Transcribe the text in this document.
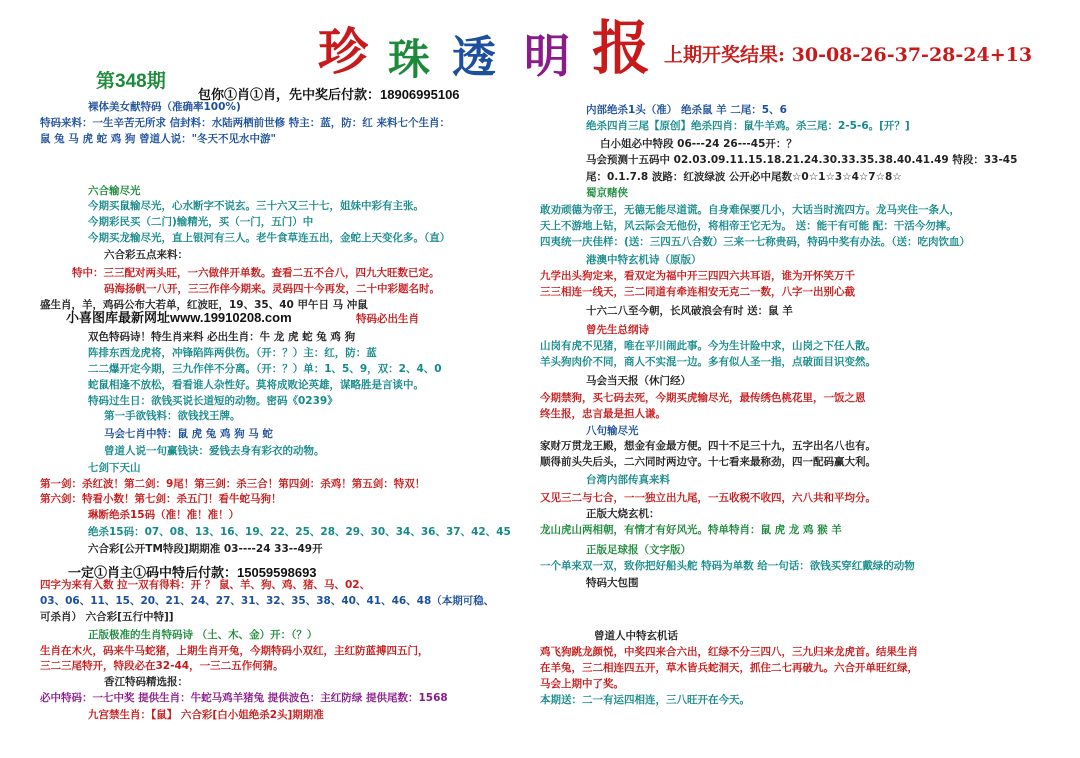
珍 珠 透 明 报 上期开奖结果: 30-08-26-37-28-24+13
第348期
包你①肖①肖，先中奖后付款：18906995106
小喜图库最新网址www.19910208.com
一定①肖主①码中特后付款：15059598693
裸体美女献特码（准确率100%)
特码来料：一生辛苦无所求 信封料：水陆两栖前世修 特主：蓝，防：红 来料七个生肖：
鼠 兔 马 虎 蛇 鸡 狗 曾道人说："冬天不见水中游"
六合输尽光
今期买鼠输尽光，心水断字不说玄。三十六又三十七，姐妹中彩有主张。
今期彩民买（二门)输精光，买（一门，五门）中
今期买龙输尽光，直上银河有三人。老牛食草连五出，金蛇上天变化多。（直）
六合彩五点来料：
特中：三三配对两头旺，一六做伴开单数。查看二五不合八，四九大旺数已定。
码海扬帆一八开，三三作伴今期来。灵码四十今再发，二十中彩题名时。
盛生肖，羊，鸡码公布大若单，红波旺，19、35、40 甲午日 马 冲鼠
特码必出生肖
双色特码诗！特生肖来料 必出生肖：牛 龙 虎 蛇 兔 鸡 狗
阵排东西龙虎将，冲锋陷阵两供伤。（开：？）主：红，防：蓝
二二爆开定今期，三九作伴不分离。（开：？）单：1、5、9，双：2、4、0
蛇鼠相逢不放松，看看谁人杂性好。莫将成败论英雄，谋略胜是言谈中。
特码过生日：欲钱买说长道短的动物。密码《0239》
第一手欲钱料：欲钱找王牌。
马会七肖中特：鼠 虎 兔 鸡 狗 马 蛇
曾道人说一句赢钱诀：爱钱去身有彩衣的动物。
七剑下天山
第一剑：杀红波！第二剑：9尾！第三剑：杀三合！第四剑：杀鸡！第五剑：特双！
第六剑：特看小数！第七剑：杀五门！看牛蛇马狗！
琳断绝杀15码（准！准！准！）
绝杀15码：07、08、13、16、19、22、25、28、29、30、34、36、37、42、45
六合彩[公开TM特段]期期准 03----24 33--49开
四字为来有入数 拉一双有得料：开 ？ 鼠、羊、狗、鸡、猪、马、02、
03、06、11、15、20、21、24、27、31、32、35、38、40、41、46、48（本期可稳、
可杀肖） 六合彩[五行中特]]
正版极准的生肖特码诗 （土、木、金）开：（？）
生肖在木火，码来牛马蛇猪，上期生肖开兔，今期特码小双红，主红防蓝搏四五门，
三二三尾特开，特段必在32-44，一三二五作何猜。
香江特码精选报：
必中特码：一七中奖 提供生肖：牛蛇马鸡羊猪兔 提供波色：主红防绿 提供尾数：1568
九宫禁生肖：【鼠】 六合彩[白小姐绝杀2头]期期准
内部绝杀1头（准） 绝杀鼠 羊 二尾：5、6
绝杀四肖三尾【原创】绝杀四肖：鼠牛羊鸡。杀三尾：2-5-6。[开？]
白小姐必中特段 06---24 26---45开：？
马会预测十五码中 02.03.09.11.15.18.21.24.30.33.35.38.40.41.49 特段：33-45
尾：0.1.7.8 波路：红波绿波 公开必中尾数☆0☆1☆3☆4☆7☆8☆
蜀京赌侠
敢劝顽德为帝王，无德无能尽道谎。自身难保要几小，大话当时流四方。龙马夹住一条人，
天上不游地上钻，风云际会无他份，将相帝王它无为。 送：能干有可能 配：干活今勿摔。
四夷统一庆佳样：(送：三四五八合数）三来一七称贵码，特码中奖有办法。（送：吃肉饮血）
港澳中特玄机诗（原版）
九学出头狗定来，看双定为福中开三四四六共耳语，谁为开怀笑万千
三三相连一线天，三二同道有牵连相安无克二一数，八字一出别心截
十六二八至今朝，长风破浪会有时 送：鼠 羊
曾先生总纲诗
山岗有虎不见猪，唯在平川闹此事。今为生计险中求，山岗之下任人散。
羊头狗肉价不同，商人不实混一边。多有似人圣一指，点破面目识变然。
马会当天报（休门经）
今期禁狗，买七码去死，今期买虎输尽光，最传绣色桃花里，一饭之恩
终生报，忠言最是担人谦。
八句输尽光
家财万贯龙王殿，想金有金最方便。四十不足三十九，五字出名八也有。
顺得前头失后头，二六同时两边守。十七看来最称劲，四一配码赢大利。
台湾内部传真来料
又见三二与七合，一一独立出九尾，一五收税不收四，六八共和平均分。
正版大烧玄机：
龙山虎山两相朝，有情才有好风光。特单特肖：鼠 虎 龙 鸡 猴 羊
正版足球报（文字版）
一个单来双一双，致你把好船头舵 特码为单数 给一句话：欲钱买穿红戴绿的动物
特码大包围
曾道人中特玄机话
鸡飞狗跳龙颜悦，中奖四来合六出，红绿不分三四八，三九归来龙虎首。结果生肖
在羊兔，三二相连四五开，草木皆兵蛇洞天，抓住二七再破九。六合开单旺红绿，
马会上期中了奖。
本期送：二一有运四相连，三八旺开在今天。
